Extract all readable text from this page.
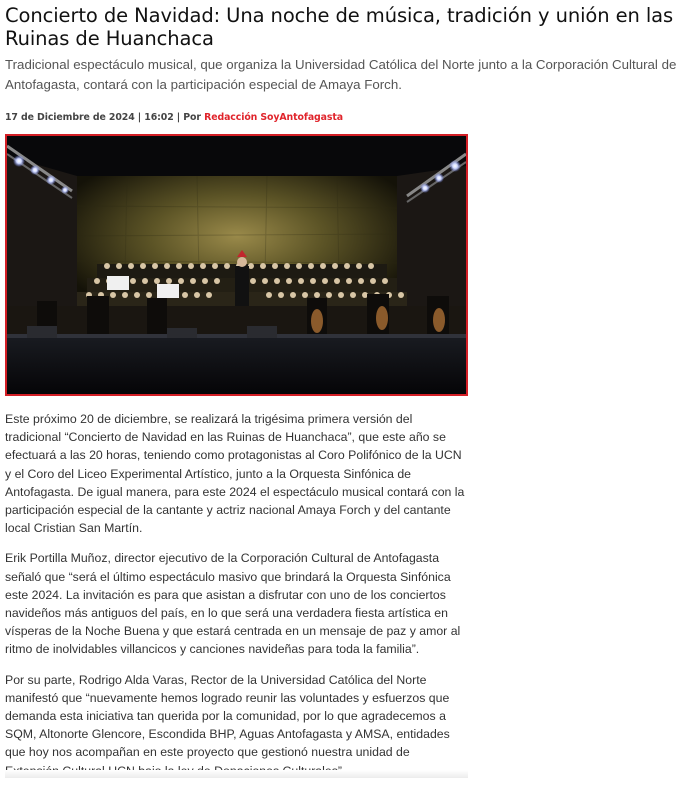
Concierto de Navidad: Una noche de música, tradición y unión en las Ruinas de Huanchaca

Tradicional espectáculo musical, que organiza la Universidad Católica del Norte junto a la Corporación Cultural de Antofagasta, contará con la participación especial de Amaya Forch.

17 de Diciembre de 2024 | 16:02 | Por Redacción SoyAntofagasta

Este próximo 20 de diciembre, se realizará la trigésima primera versión del tradicional “Concierto de Navidad en las Ruinas de Huanchaca”, que este año se efectuará a las 20 horas, teniendo como protagonistas al Coro Polifónico de la UCN y el Coro del Liceo Experimental Artístico, junto a la Orquesta Sinfónica de Antofagasta. De igual manera, para este 2024 el espectáculo musical contará con la participación especial de la cantante y actriz nacional Amaya Forch y del cantante local Cristian San Martín.

Erik Portilla Muñoz, director ejecutivo de la Corporación Cultural de Antofagasta señaló que “será el último espectáculo masivo que brindará la Orquesta Sinfónica este 2024. La invitación es para que asistan a disfrutar con uno de los conciertos navideños más antiguos del país, en lo que será una verdadera fiesta artística en vísperas de la Noche Buena y que estará centrada en un mensaje de paz y amor al ritmo de inolvidables villancicos y canciones navideñas para toda la familia”.

Por su parte, Rodrigo Alda Varas, Rector de la Universidad Católica del Norte manifestó que “nuevamente hemos logrado reunir las voluntades y esfuerzos que demanda esta iniciativa tan querida por la comunidad, por lo que agradecemos a SQM, Altonorte Glencore, Escondida BHP, Aguas Antofagasta y AMSA, entidades que hoy nos acompañan en este proyecto que gestionó nuestra unidad de
